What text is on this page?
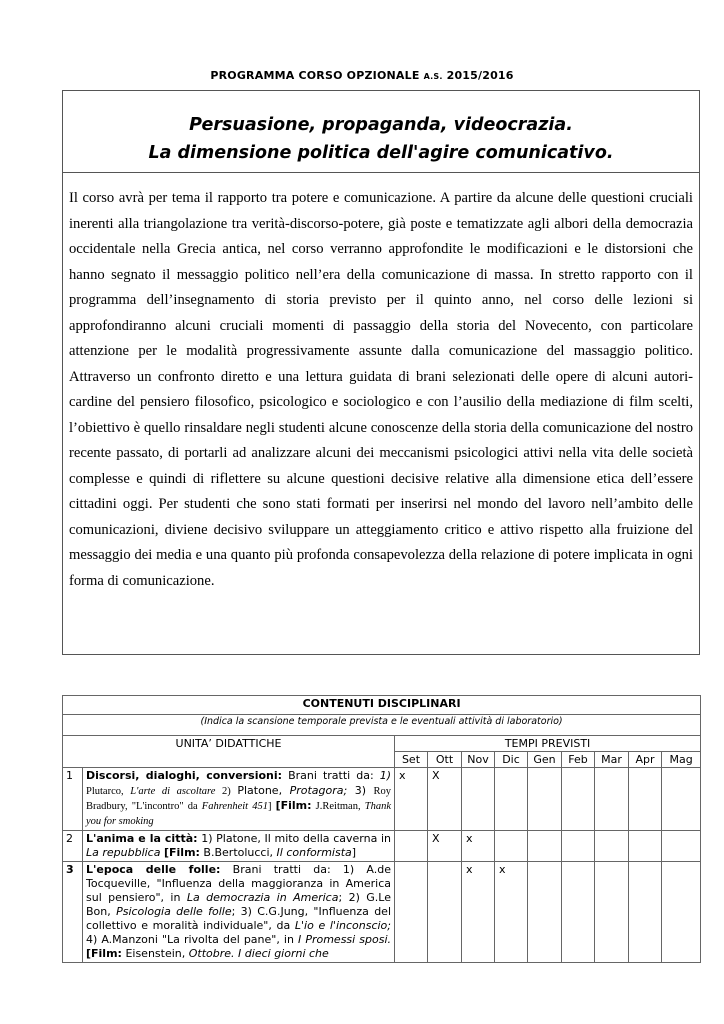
PROGRAMMA CORSO OPZIONALE A.S. 2015/2016
Persuasione, propaganda, videocrazia.
La dimensione politica dell'agire comunicativo.
Il corso avrà per tema il rapporto tra potere e comunicazione. A partire da alcune delle questioni cruciali inerenti alla triangolazione tra verità-discorso-potere, già poste e tematizzate agli albori della democrazia occidentale nella Grecia antica, nel corso verranno approfondite le modificazioni e le distorsioni che hanno segnato il messaggio politico nell’era della comunicazione di massa. In stretto rapporto con il programma dell’insegnamento di storia previsto per il quinto anno, nel corso delle lezioni si approfondiranno alcuni cruciali momenti di passaggio della storia del Novecento, con particolare attenzione per le modalità progressivamente assunte dalla comunicazione del massaggio politico. Attraverso un confronto diretto e una lettura guidata di brani selezionati delle opere di alcuni autori-cardine del pensiero filosofico, psicologico e sociologico e con l’ausilio della mediazione di film scelti, l’obiettivo è quello rinsaldare negli studenti alcune conoscenze della storia della comunicazione del nostro recente passato, di portarli ad analizzare alcuni dei meccanismi psicologici attivi nella vita delle società complesse e quindi di riflettere su alcune questioni decisive relative alla dimensione etica dell’essere cittadini oggi. Per studenti che sono stati formati per inserirsi nel mondo del lavoro nell’ambito delle comunicazioni, diviene decisivo sviluppare un atteggiamento critico e attivo rispetto alla fruizione del messaggio dei media e una quanto più profonda consapevolezza della relazione di potere implicata in ogni forma di comunicazione.
CONTENUTI DISCIPLINARI										
(Indica la scansione temporale prevista e le eventuali attività di laboratorio)										
UNITA’ DIDATTICHE		TEMPI PREVISTI								
		Set	Ott	Nov	Dic	Gen	Feb	Mar	Apr	Mag
1	Discorsi, dialoghi, conversioni: Brani tratti da: 1) Plutarco, L'arte di ascoltare 2) Platone, Protagora; 3) Roy Bradbury, "L'incontro" da Fahrenheit 451] [Film: J.Reitman, Thank you for smoking	x	X							
2	L'anima e la città: 1) Platone, Il mito della caverna in La repubblica [Film: B.Bertolucci, Il conformista]		X	x						
3	L'epoca delle folle: Brani tratti da: 1) A.de Tocqueville, "Influenza della maggioranza in America sul pensiero", in La democrazia in America; 2) G.Le Bon, Psicologia delle folle; 3) C.G.Jung, "Influenza del collettivo e moralità individuale", da L'io e l'inconscio; 4) A.Manzoni "La rivolta del pane", in I Promessi sposi. [Film: Eisenstein, Ottobre. I dieci giorni che			x	x					
